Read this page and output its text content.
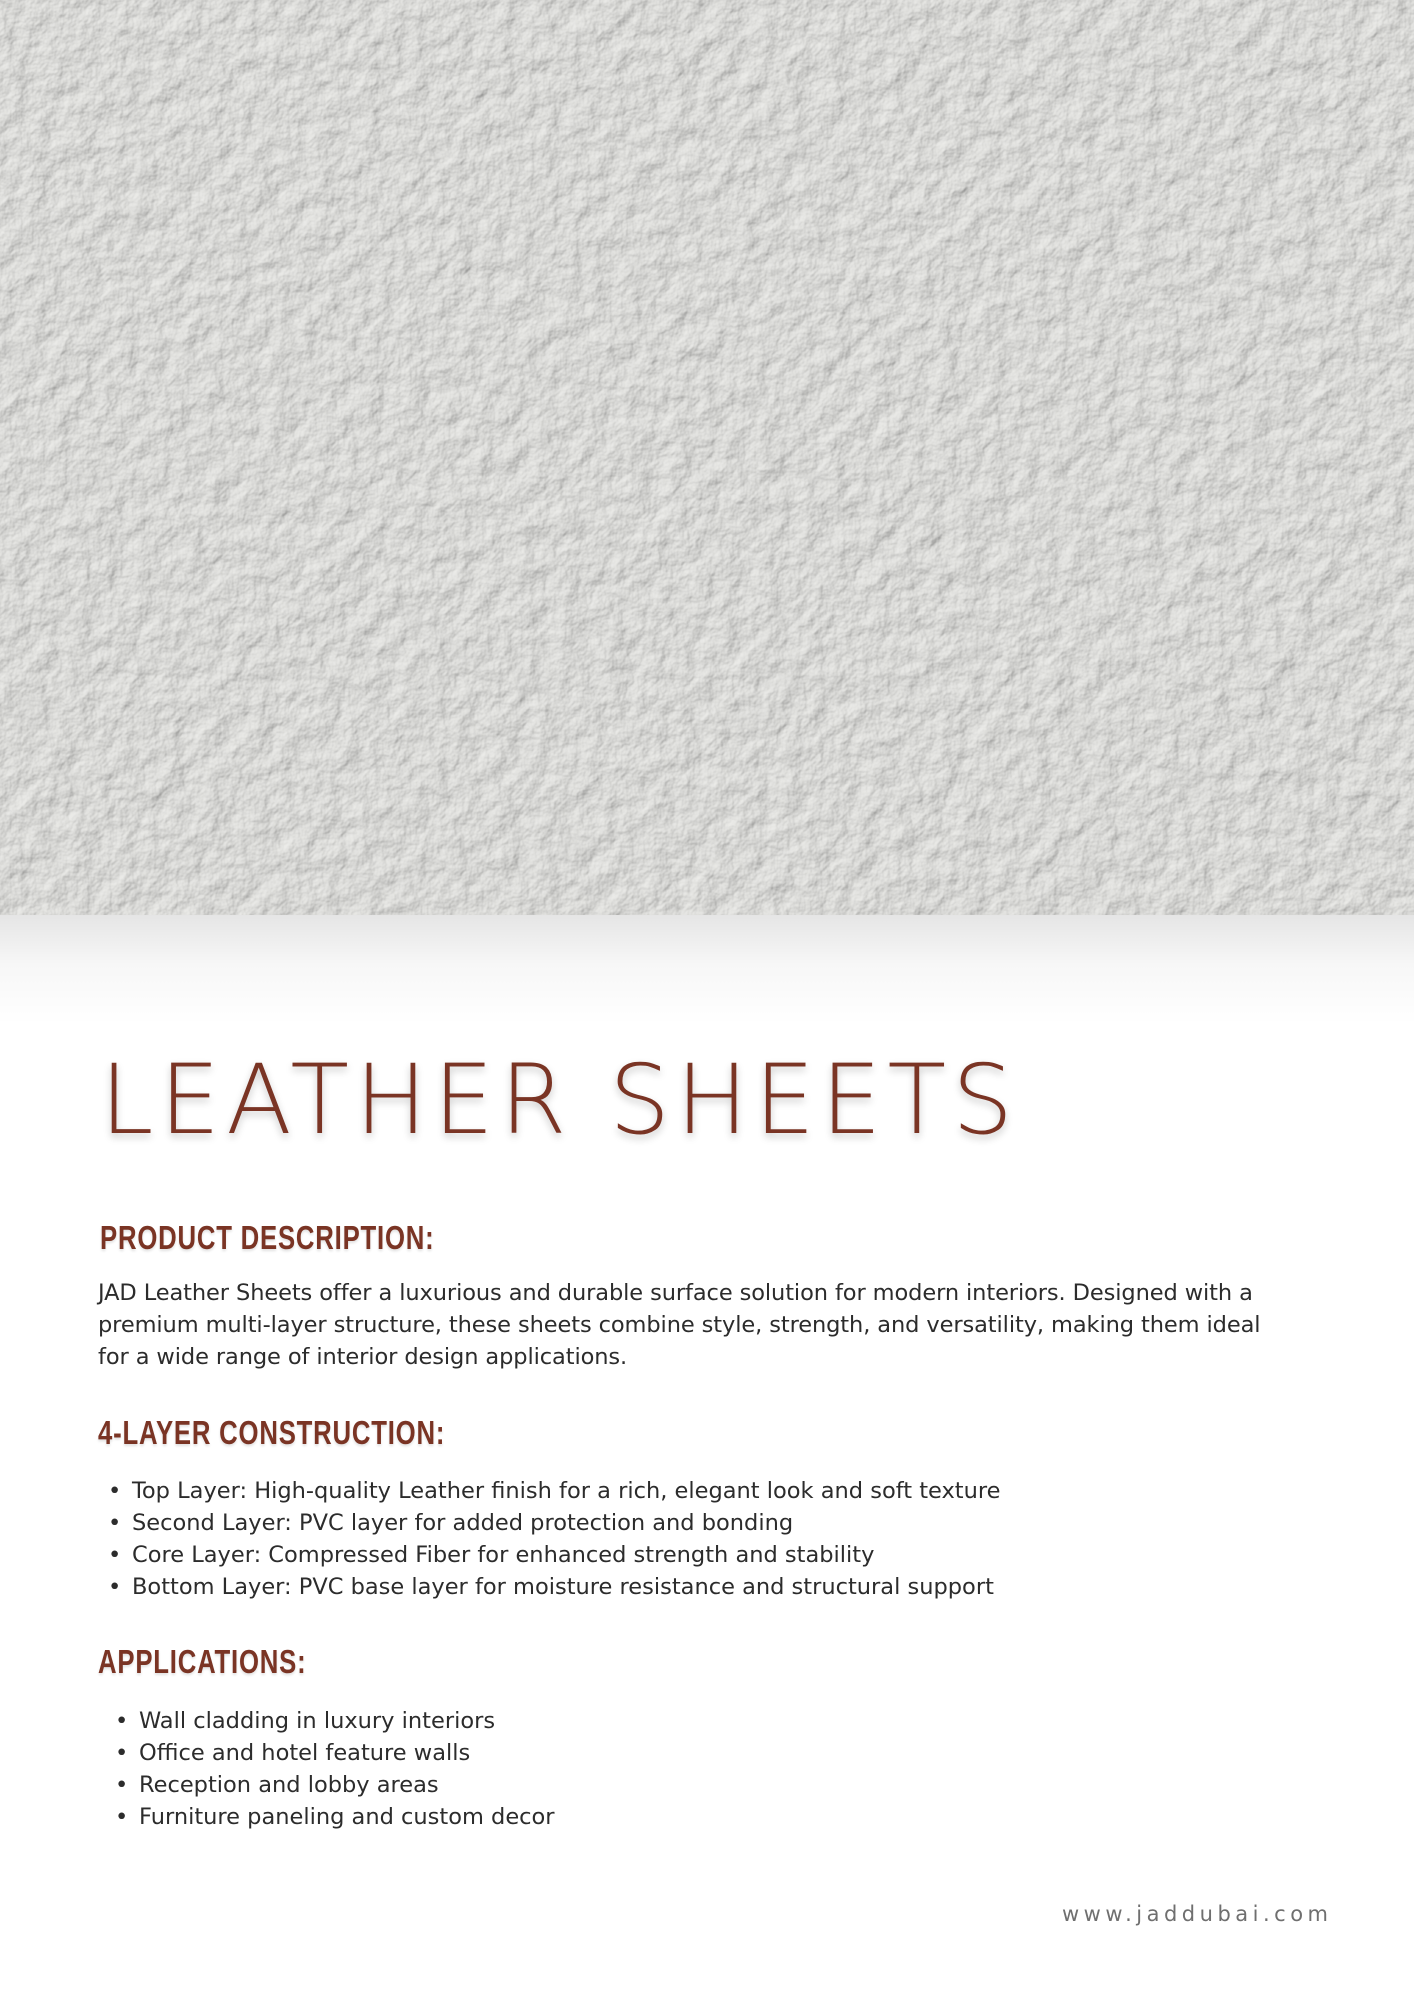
LEATHER SHEETS
PRODUCT DESCRIPTION:

JAD Leather Sheets offer a luxurious and durable surface solution for modern interiors. Designed with a premium multi-layer structure, these sheets combine style, strength, and versatility, making them ideal for a wide range of interior design applications.

4-LAYER CONSTRUCTION:
• Top Layer: High-quality Leather finish for a rich, elegant look and soft texture
• Second Layer: PVC layer for added protection and bonding
• Core Layer: Compressed Fiber for enhanced strength and stability
• Bottom Layer: PVC base layer for moisture resistance and structural support
APPLICATIONS:
• Wall cladding in luxury interiors
• Office and hotel feature walls
• Reception and lobby areas
• Furniture paneling and custom decor

www.jaddubai.com
